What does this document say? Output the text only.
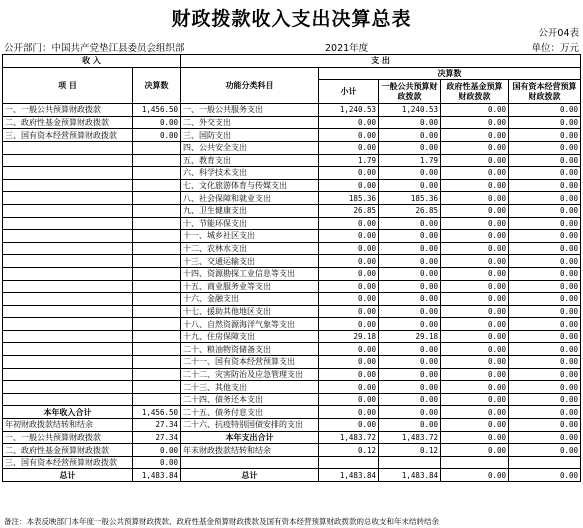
财政拨款收入支出决算总表
公开04表
公开部门：中国共产党垫江县委员会组织部	2021年度	单位：万元
收 入		支 出				
项 目	决算数	功能分类科目	决算数			
			小计	一般公共预算财政拨款	政府性基金预算财政拨款	国有资本经营预算财政拨款
一、一般公共预算财政拨款	1,456.50	一、一般公共服务支出	1,240.53	1,240.53	0.00	0.00
二、政府性基金预算财政拨款	0.00	二、外交支出	0.00	0.00	0.00	0.00
三、国有资本经营预算财政拨款	0.00	三、国防支出	0.00	0.00	0.00	0.00
		四、公共安全支出	0.00	0.00	0.00	0.00
		五、教育支出	1.79	1.79	0.00	0.00
		六、科学技术支出	0.00	0.00	0.00	0.00
		七、文化旅游体育与传媒支出	0.00	0.00	0.00	0.00
		八、社会保障和就业支出	185.36	185.36	0.00	0.00
		九、卫生健康支出	26.85	26.85	0.00	0.00
		十、节能环保支出	0.00	0.00	0.00	0.00
		十一、城乡社区支出	0.00	0.00	0.00	0.00
		十二、农林水支出	0.00	0.00	0.00	0.00
		十三、交通运输支出	0.00	0.00	0.00	0.00
		十四、资源勘探工业信息等支出	0.00	0.00	0.00	0.00
		十五、商业服务业等支出	0.00	0.00	0.00	0.00
		十六、金融支出	0.00	0.00	0.00	0.00
		十七、援助其他地区支出	0.00	0.00	0.00	0.00
		十八、自然资源海洋气象等支出	0.00	0.00	0.00	0.00
		十九、住房保障支出	29.18	29.18	0.00	0.00
		二十、粮油物资储备支出	0.00	0.00	0.00	0.00
		二十一、国有资本经营预算支出	0.00	0.00	0.00	0.00
		二十二、灾害防治及应急管理支出	0.00	0.00	0.00	0.00
		二十三、其他支出	0.00	0.00	0.00	0.00
		二十四、债务还本支出	0.00	0.00	0.00	0.00
本年收入合计	1,456.50	二十五、债务付息支出	0.00	0.00	0.00	0.00
年初财政拨款结转和结余	27.34	二十六、抗疫特别国债安排的支出	0.00	0.00	0.00	0.00
一、一般公共预算财政拨款	27.34	本年支出合计	1,483.72	1,483.72	0.00	0.00
二、政府性基金预算财政拨款	0.00	年末财政拨款结转和结余	0.12	0.12	0.00	0.00
三、国有资本经营预算财政拨款	0.00					
总计	1,483.84	总计	1,483.84	1,483.84	0.00	0.00
备注：本表反映部门本年度一般公共预算财政拨款、政府性基金预算财政拨款及国有资本经营预算财政拨款的总收支和年末结转结余
